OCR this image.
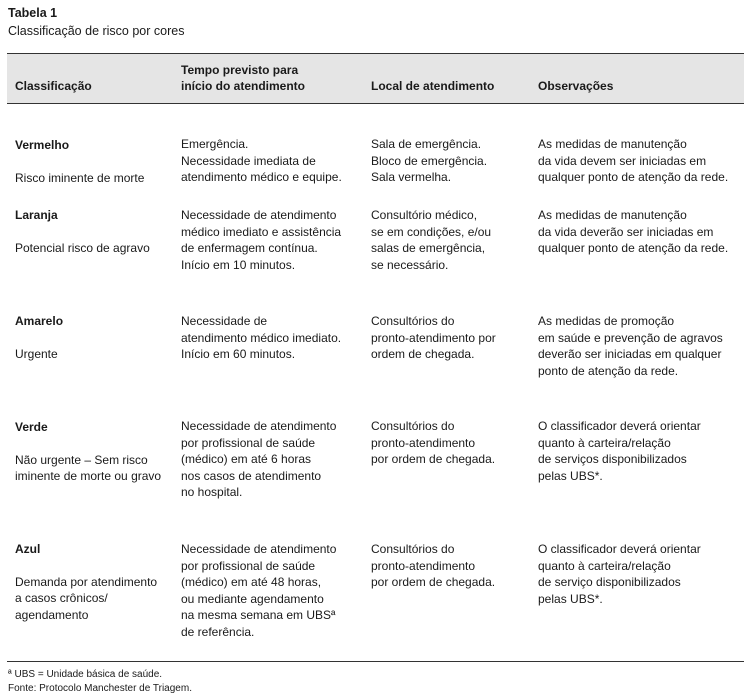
Tabela 1
Classificação de risco por cores
Classificação
Tempo previsto para
início do atendimento	Local de atendimento	Observações

Vermelho

Risco iminente de morte

Emergência.
Necessidade imediata de
atendimento médico e equipe.
Sala de emergência.
Bloco de emergência.
Sala vermelha.
As medidas de manutenção
da vida devem ser iniciadas em
qualquer ponto de atenção da rede.

Laranja

Potencial risco de agravo

Necessidade de atendimento
médico imediato e assistência
de enfermagem contínua.
Início em 10 minutos.
Consultório médico,
se em condições, e/ou
salas de emergência,
se necessário.
As medidas de manutenção
da vida deverão ser iniciadas em
qualquer ponto de atenção da rede.

Amarelo

Urgente

Necessidade de
atendimento médico imediato.
Início em 60 minutos.
Consultórios do
pronto-atendimento por
ordem de chegada.
As medidas de promoção
em saúde e prevenção de agravos
deverão ser iniciadas em qualquer
ponto de atenção da rede.

Verde

Não urgente – Sem risco
iminente de morte ou gravo

Necessidade de atendimento
por profissional de saúde
(médico) em até 6 horas
nos casos de atendimento
no hospital.
Consultórios do
pronto-atendimento
por ordem de chegada.
O classificador deverá orientar
quanto à carteira/relação
de serviços disponibilizados
pelas UBS*.

Azul

Demanda por atendimento
a casos crônicos/
agendamento

Necessidade de atendimento
por profissional de saúde
(médico) em até 48 horas,
ou mediante agendamento
na mesma semana em UBSª
de referência.
Consultórios do
pronto-atendimento
por ordem de chegada.
O classificador deverá orientar
quanto à carteira/relação
de serviço disponibilizados
pelas UBS*.
ª UBS = Unidade básica de saúde.
Fonte: Protocolo Manchester de Triagem.
